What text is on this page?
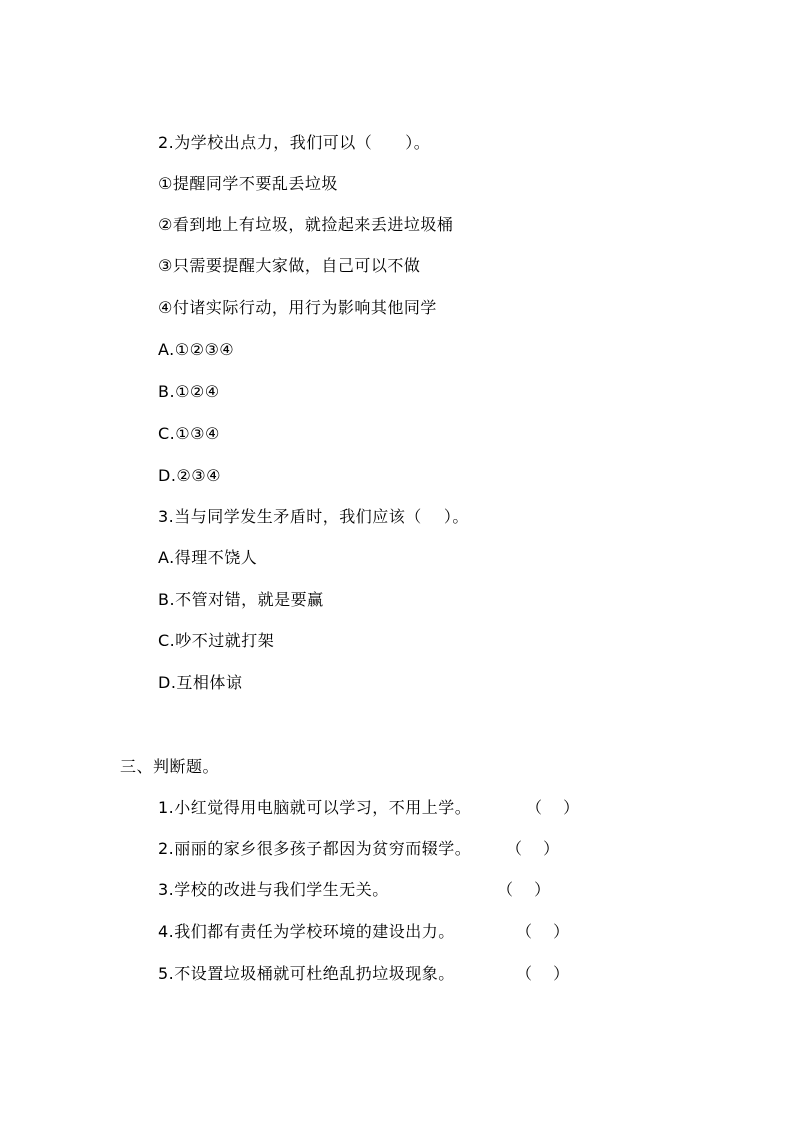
2.为学校出点力，我们可以（　　）。
①提醒同学不要乱丢垃圾
②看到地上有垃圾，就捡起来丢进垃圾桶
③只需要提醒大家做，自己可以不做
④付诸实际行动，用行为影响其他同学
A.①②③④
B.①②④
C.①③④
D.②③④
3.当与同学发生矛盾时，我们应该（　 ）。
A.得理不饶人
B.不管对错，就是要赢
C.吵不过就打架
D.互相体谅
三、判断题。
1.小红觉得用电脑就可以学习，不用上学。	（　 ）
2.丽丽的家乡很多孩子都因为贫穷而辍学。 （　 ）
3.学校的改进与我们学生无关。	（　 ）
4.我们都有责任为学校环境的建设出力。	（　 ）
5.不设置垃圾桶就可杜绝乱扔垃圾现象。	（　 ）
